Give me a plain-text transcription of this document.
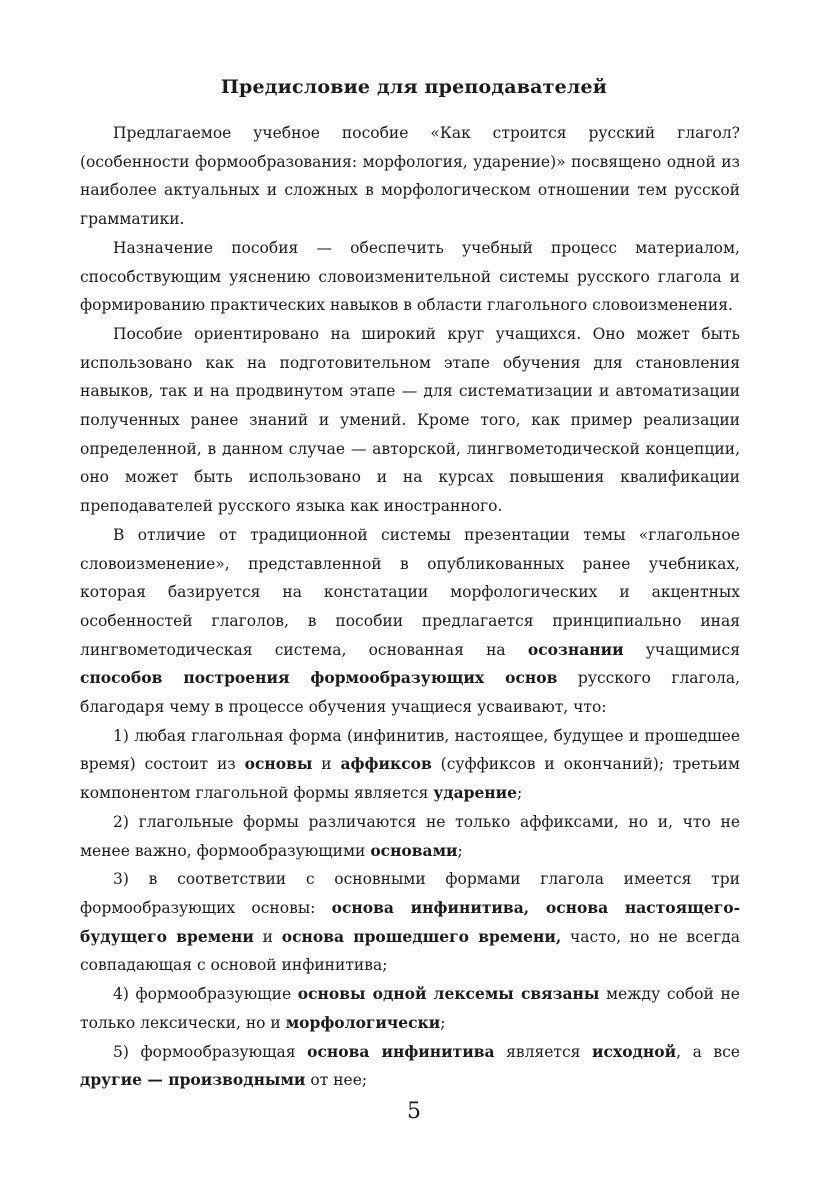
Предисловие для преподавателей

Предлагаемое учебное пособие «Как строится русский глагол? (особенности формообразования: морфология, ударение)» посвящено одной из наиболее актуальных и сложных в морфологическом отношении тем русской грамматики.

Назначение пособия — обеспечить учебный процесс материалом, способствующим уяснению словоизменительной системы русского глагола и формированию практических навыков в области глагольного словоизменения.

Пособие ориентировано на широкий круг учащихся. Оно может быть использовано как на подготовительном этапе обучения для становления навыков, так и на продвинутом этапе — для систематизации и автоматизации полученных ранее знаний и умений. Кроме того, как пример реализации определенной, в данном случае — авторской, лингвометодической концепции, оно может быть использовано и на курсах повышения квалификации преподавателей русского языка как иностранного.

В отличие от традиционной системы презентации темы «глагольное словоизменение», представленной в опубликованных ранее учебниках, которая базируется на констатации морфологических и акцентных особенностей глаголов, в пособии предлагается принципиально иная лингвометодическая система, основанная на осознании учащимися способов построения формообразующих основ русского глагола, благодаря чему в процессе обучения учащиеся усваивают, что:

1) любая глагольная форма (инфинитив, настоящее, будущее и прошедшее время) состоит из основы и аффиксов (суффиксов и окончаний); третьим компонентом глагольной формы является ударение;

2) глагольные формы различаются не только аффиксами, но и, что не менее важно, формообразующими основами;

3) в соответствии с основными формами глагола имеется три формообразующих основы: основа инфинитива, основа настоящего-будущего времени и основа прошедшего времени, часто, но не всегда совпадающая с основой инфинитива;

4) формообразующие основы одной лексемы связаны между собой не только лексически, но и морфологически;

5) формообразующая основа инфинитива является исходной, а все другие — производными от нее;

5
